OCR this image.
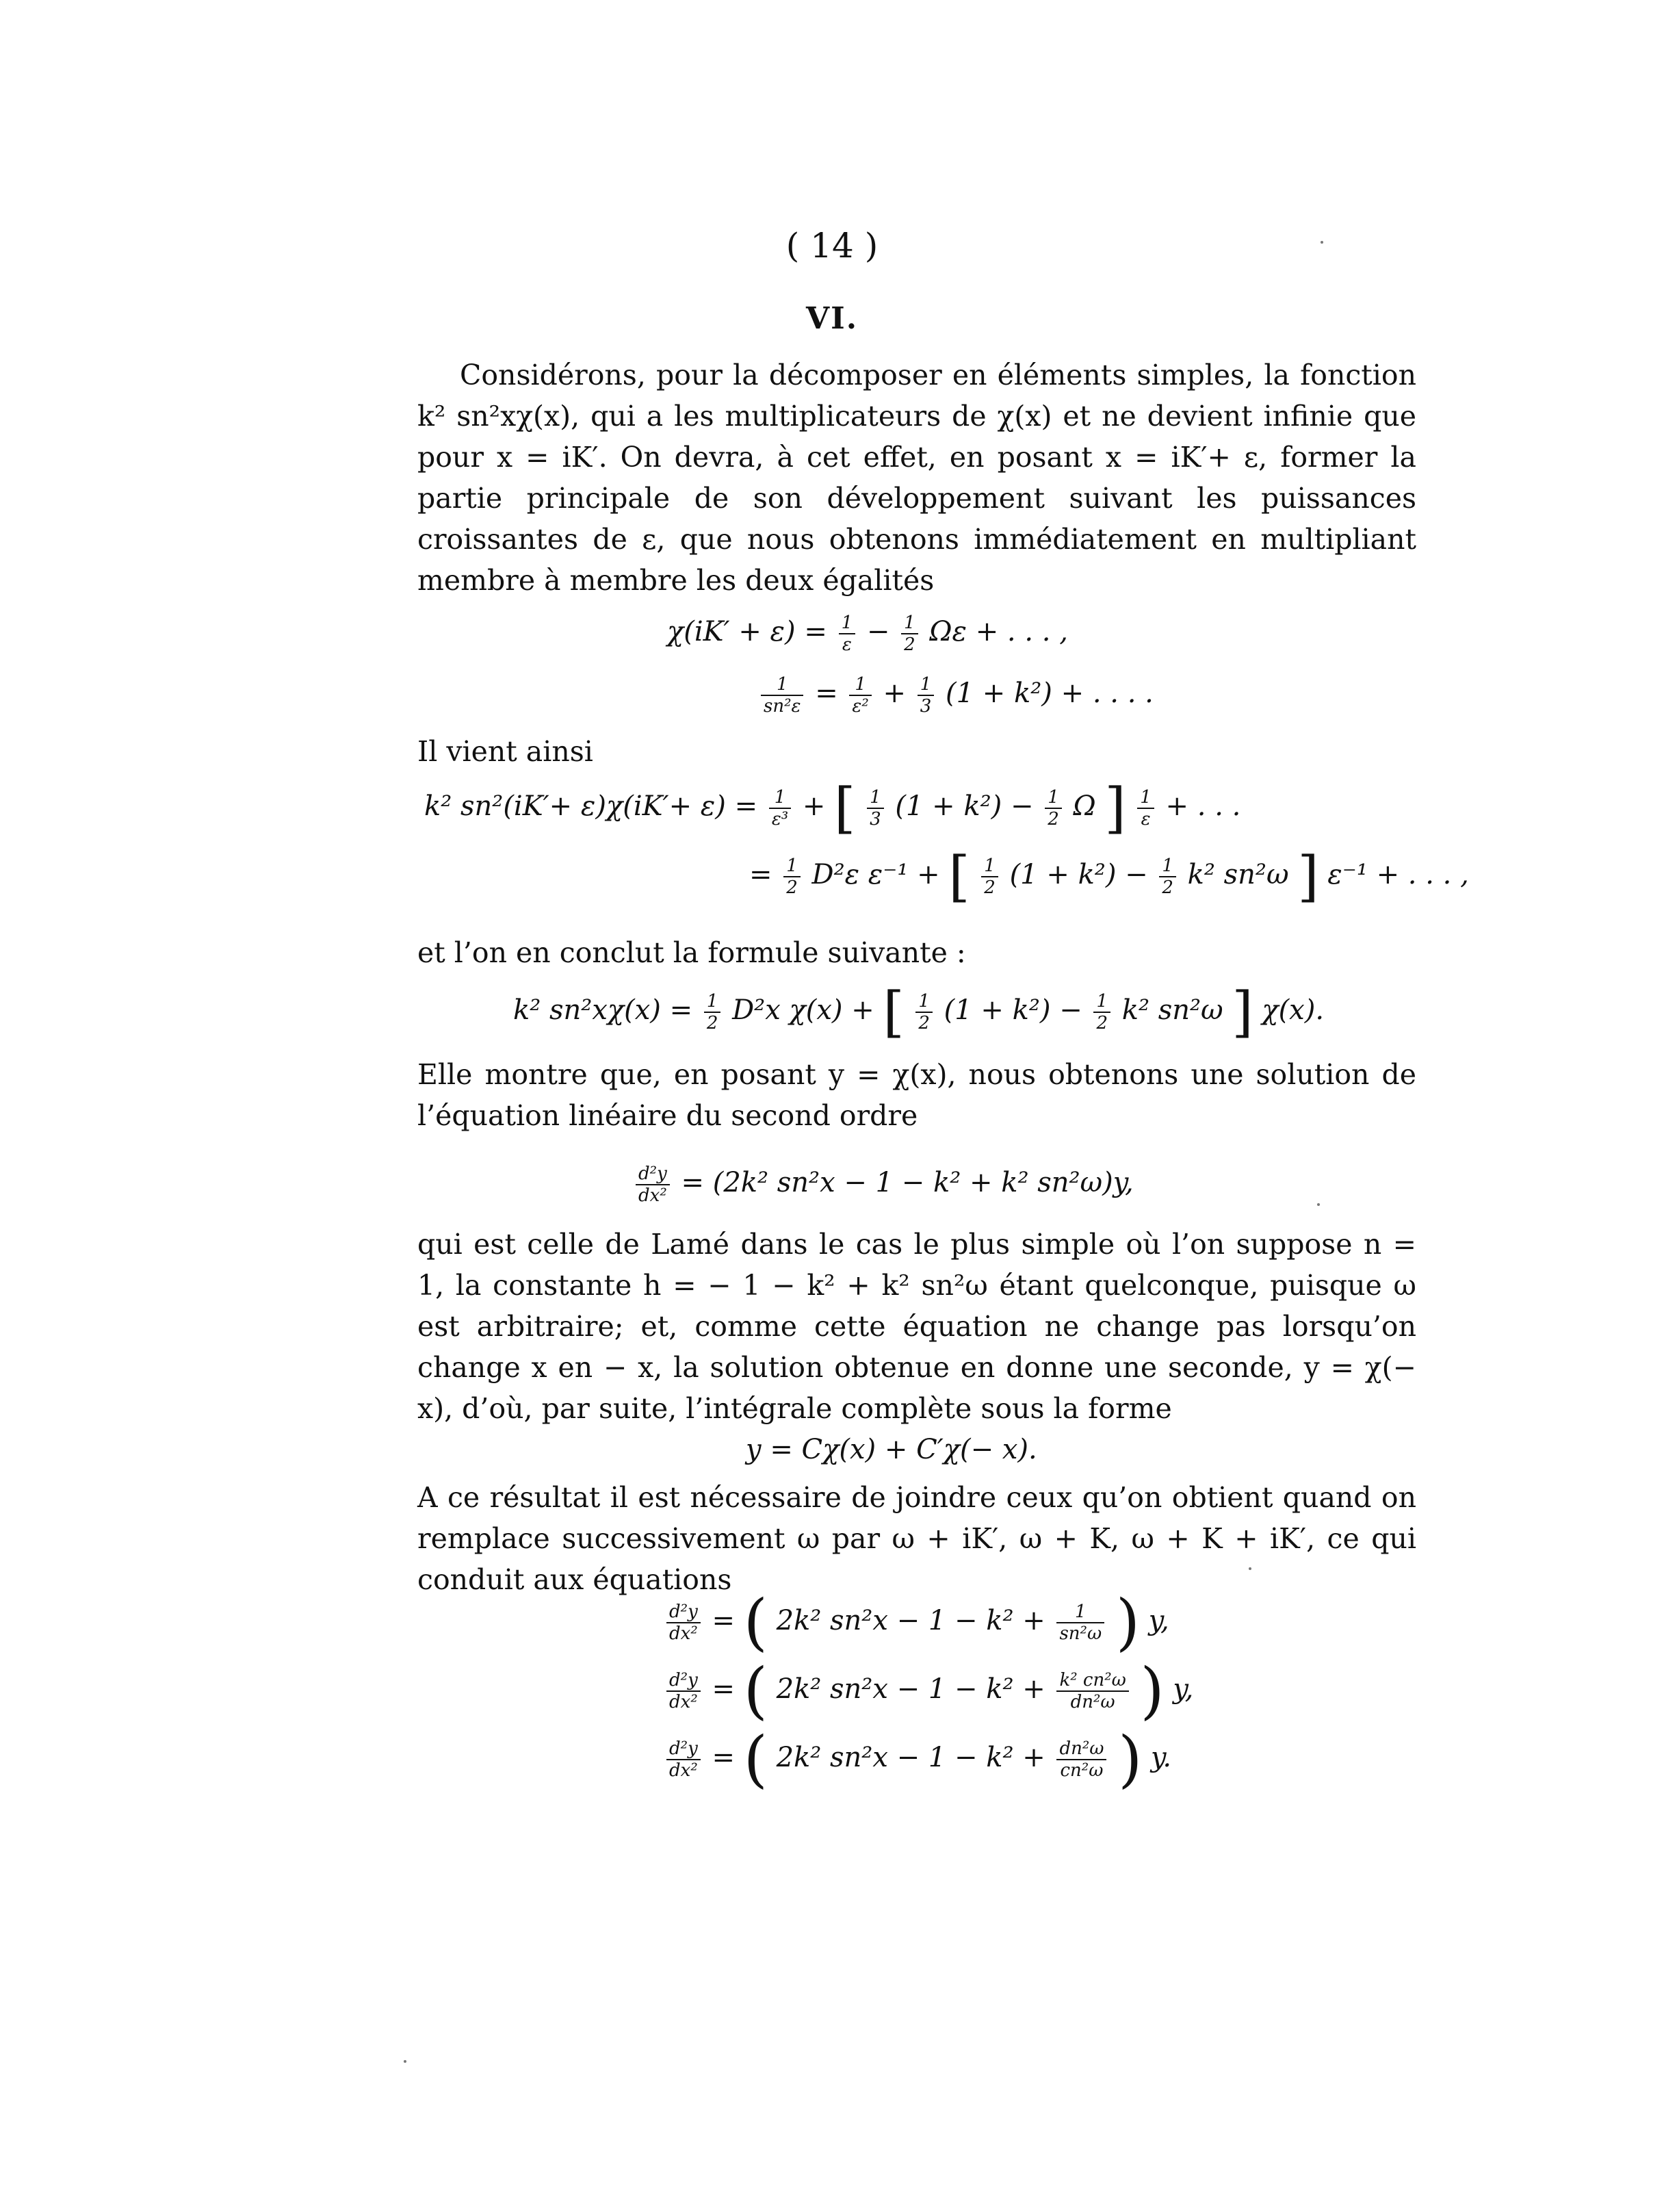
( 14 )
VI.

Considérons, pour la décomposer en éléments simples, la fonction k² sn²xχ(x), qui a les multiplicateurs de χ(x) et ne devient infinie que pour x = iK′. On devra, à cet effet, en posant x = iK′+ ε, former la partie principale de son développement suivant les puissances croissantes de ε, que nous obtenons immédiatement en multipliant membre à membre les deux égalités

$\chi(iK' + \varepsilon) = \frac{1}{\varepsilon} - \frac{1}{2}$ Ωε + . . . ,
$\frac{1}{\text{sn²ε}} = \frac{1}{\text{ε²}} + \frac{1}{3} (1 + k^2)$ + . . . .
Il vient ainsi
k² $sn^2(iK'+ \varepsilon)\chi(iK'+ \varepsilon) = \frac{1}{\text{ε³}}$ + [ $\frac{1}{3} (1 + k^2) - \frac{1}{2}$ Ω ] $\frac{1}{\varepsilon}$ + . . .
= $\frac{1}{2} D^2\varepsilon$ ε⁻¹ + [ $\frac{1}{2} (1 + k^2) - \frac{1}{2} k^2$ sn²ω ] ε⁻¹ + . . . ,
et l’on en conclut la formule suivante :
k² $sn^2x\chi(x) = \frac{1}{2} D^2x$ χ(x) + [ $\frac{1}{2} (1 + k^2) - \frac{1}{2} k^2$ sn²ω ] χ(x).

Elle montre que, en posant y = χ(x), nous obtenons une solution de l’équation linéaire du second ordre

$\frac{\text{d²y}}{\text{dx²}} = (2k^2$ sn²x − 1 − k² + k² sn²ω)y,

qui est celle de Lamé dans le cas le plus simple où l’on suppose n = 1, la constante h = − 1 − k² + k² sn²ω étant quelconque, puisque ω est arbitraire; et, comme cette équation ne change pas lorsqu’on change x en − x, la solution obtenue en donne une seconde, y = χ(− x), d’où, par suite, l’intégrale complète sous la forme

y = Cχ(x) + C′χ(− x).

A ce résultat il est nécessaire de joindre ceux qu’on obtient quand on remplace successivement ω par ω + iK′, ω + K, ω + K + iK′, ce qui conduit aux équations

$\frac{\text{d²y}}{\text{dx²}}$ = ( 2k² $sn^2x - 1 - k^2 + \frac{1}{\text{sn²ω}}$ ) y,
$\frac{\text{d²y}}{\text{dx²}}$ = ( 2k² $sn^2x - 1 - k^2 + \frac{\text{k² cn²ω}}{\text{dn²ω}}$ ) y,
$\frac{\text{d²y}}{\text{dx²}}$ = ( 2k² $sn^2x - 1 - k^2 + \frac{\text{dn²ω}}{\text{cn²ω}}$ ) y.
